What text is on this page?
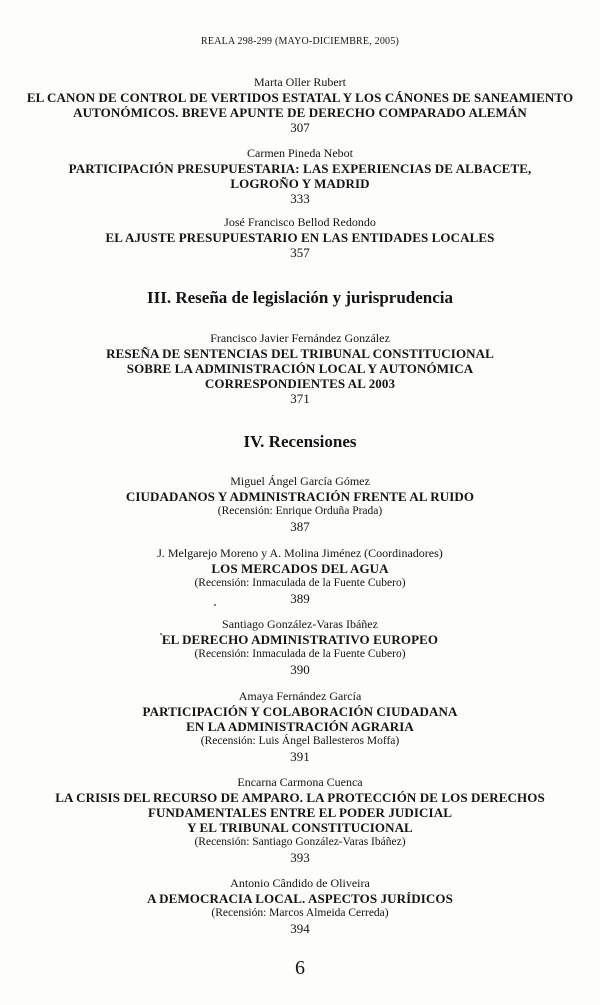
REALA 298-299 (MAYO-DICIEMBRE, 2005)
Marta Oller Rubert
EL CANON DE CONTROL DE VERTIDOS ESTATAL Y LOS CÁNONES DE SANEAMIENTO
AUTONÓMICOS. BREVE APUNTE DE DERECHO COMPARADO ALEMÁN
307
Carmen Pineda Nebot
PARTICIPACIÓN PRESUPUESTARIA: LAS EXPERIENCIAS DE ALBACETE,
LOGROÑO Y MADRID
333
José Francisco Bellod Redondo
EL AJUSTE PRESUPUESTARIO EN LAS ENTIDADES LOCALES
357
III. Reseña de legislación y jurisprudencia
Francisco Javier Fernández González
RESEÑA DE SENTENCIAS DEL TRIBUNAL CONSTITUCIONAL
SOBRE LA ADMINISTRACIÓN LOCAL Y AUTONÓMICA
CORRESPONDIENTES AL 2003
371
IV. Recensiones
Miguel Ángel García Gómez
CIUDADANOS Y ADMINISTRACIÓN FRENTE AL RUIDO
(Recensión: Enrique Orduña Prada)
387
J. Melgarejo Moreno y A. Molina Jiménez (Coordinadores)
LOS MERCADOS DEL AGUA
(Recensión: Inmaculada de la Fuente Cubero)
389
Santiago González-Varas Ibáñez
EL DERECHO ADMINISTRATIVO EUROPEO
(Recensión: Inmaculada de la Fuente Cubero)
390
Amaya Fernández García
PARTICIPACIÓN Y COLABORACIÓN CIUDADANA
EN LA ADMINISTRACIÓN AGRARIA
(Recensión: Luis Ángel Ballesteros Moffa)
391
Encarna Carmona Cuenca
LA CRISIS DEL RECURSO DE AMPARO. LA PROTECCIÓN DE LOS DERECHOS
FUNDAMENTALES ENTRE EL PODER JUDICIAL
Y EL TRIBUNAL CONSTITUCIONAL
(Recensión: Santiago González-Varas Ibáñez)
393
Antonio Cândido de Oliveira
A DEMOCRACIA LOCAL. ASPECTOS JURÍDICOS
(Recensión: Marcos Almeida Cerreda)
394
6
